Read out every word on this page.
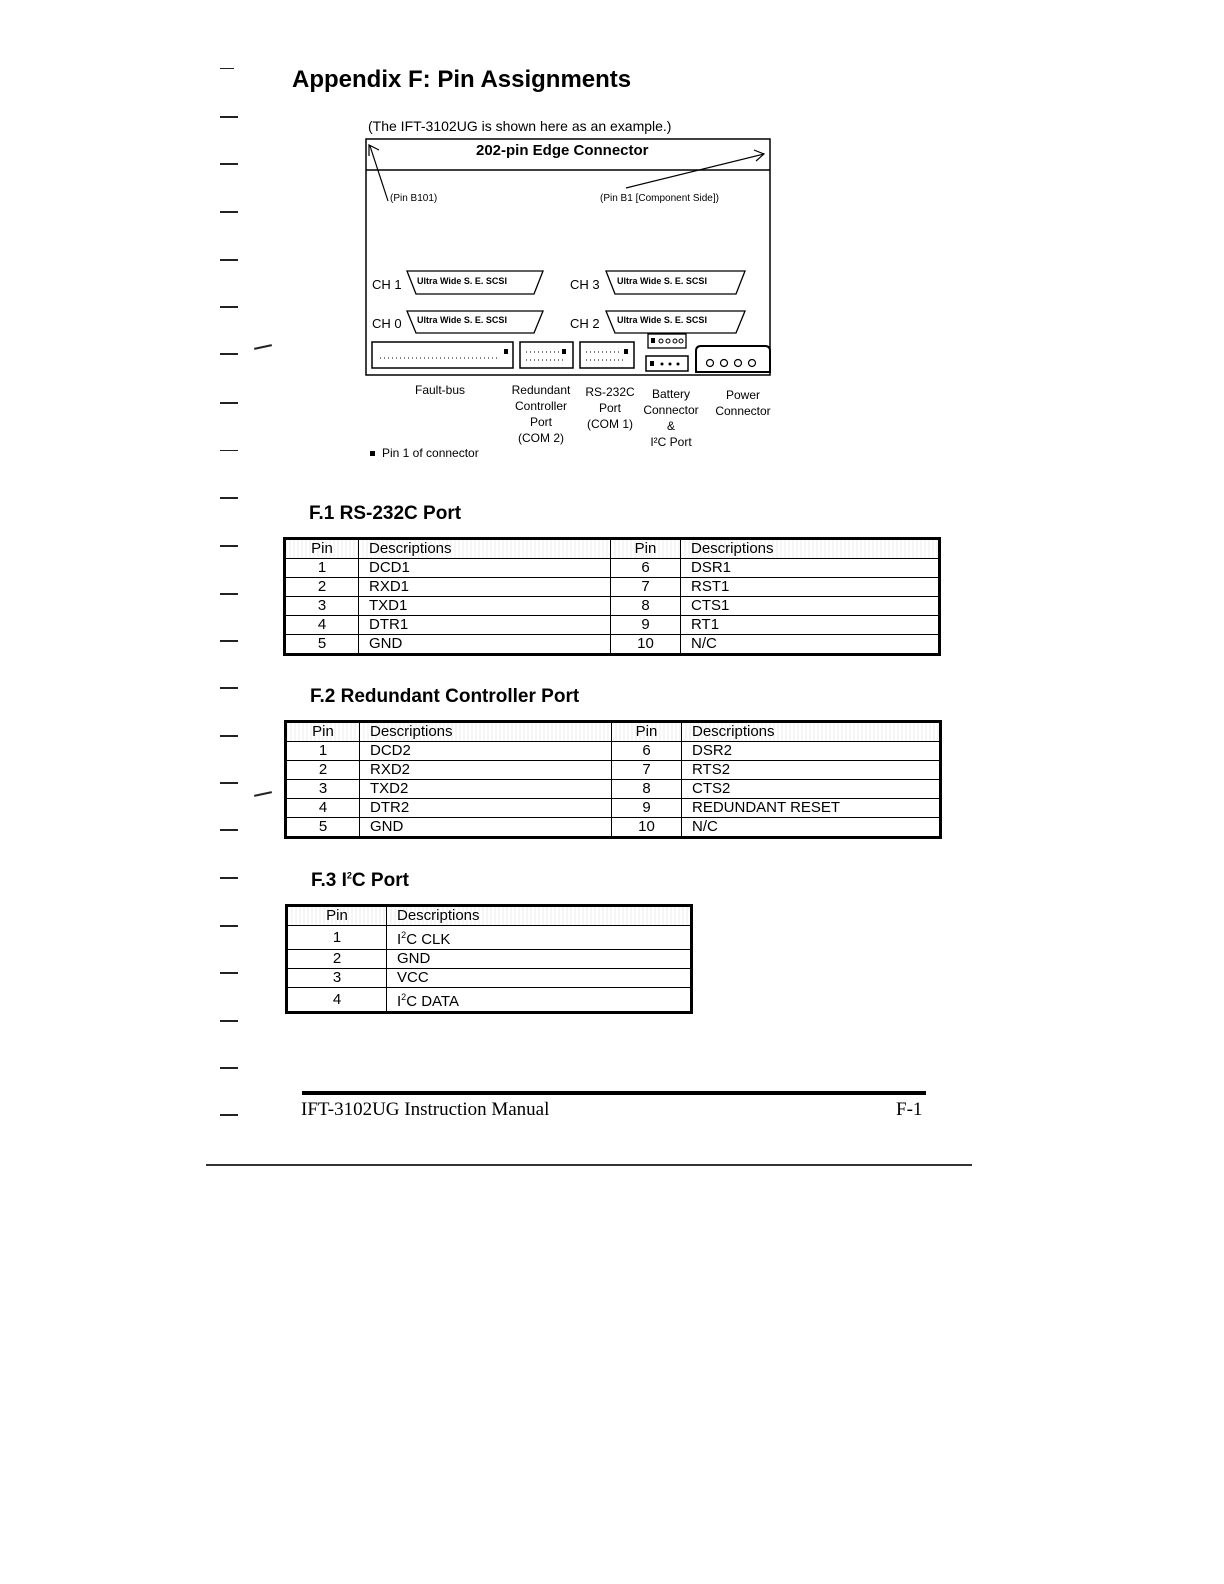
Appendix F: Pin Assignments
(The IFT-3102UG is shown here as an example.)
202-pin Edge Connector
(Pin B101)	(Pin B1 [Component Side])
CH 1 Ultra Wide S. E. SCSI	CH 3 Ultra Wide S. E. SCSI
CH 0 Ultra Wide S. E. SCSI	CH 2 Ultra Wide S. E. SCSI
Fault-bus	Redundant
Controller
Port
(COM 2)
RS-232C
Port
(COM 1)
Battery
Connector
&
I²C Port
Power
Connector
Pin 1 of connector
F.1 RS-232C Port
Pin	Descriptions	Pin	Descriptions
1	DCD1	6	DSR1
2	RXD1	7	RST1
3	TXD1	8	CTS1
4	DTR1	9	RT1
5	GND	10	N/C
F.2 Redundant Controller Port
Pin	Descriptions	Pin	Descriptions
1	DCD2	6	DSR2
2	RXD2	7	RTS2
3	TXD2	8	CTS2
4	DTR2	9	REDUNDANT RESET
5	GND	10	N/C
F.3 $I^2C$ Port
Pin	Descriptions
1	$I^2C$ CLK
2	GND
3	VCC
4	$I^2C$ DATA
IFT-3102UG Instruction Manual	F-1
